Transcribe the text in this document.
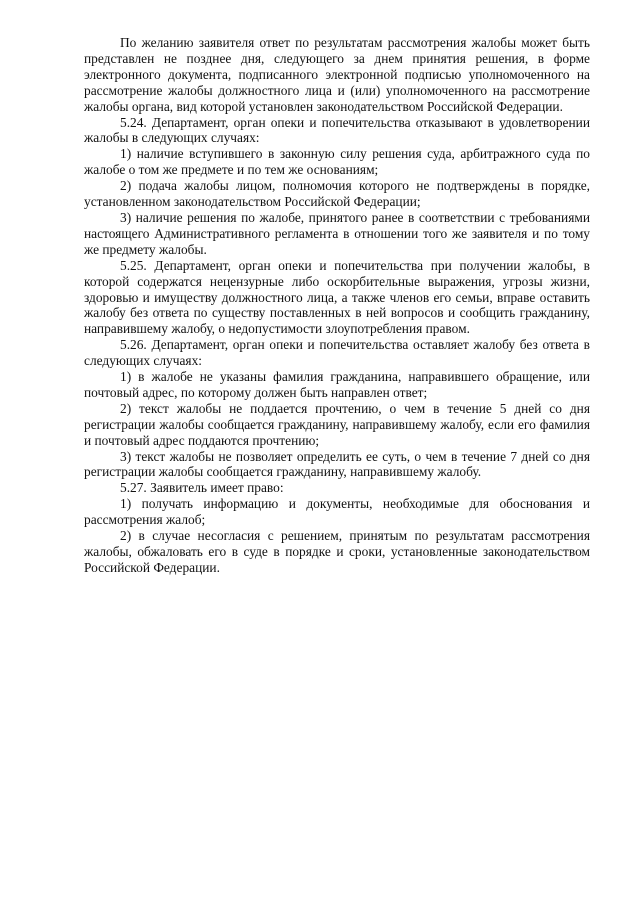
По желанию заявителя ответ по результатам рассмотрения жалобы может быть представлен не позднее дня, следующего за днем принятия решения, в форме электронного документа, подписанного электронной подписью уполномоченного на рассмотрение жалобы должностного лица и (или) уполномоченного на рассмотрение жалобы органа, вид которой установлен законодательством Российской Федерации.

5.24. Департамент, орган опеки и попечительства отказывают в удовлетворении жалобы в следующих случаях:

1) наличие вступившего в законную силу решения суда, арбитражного суда по жалобе о том же предмете и по тем же основаниям;

2) подача жалобы лицом, полномочия которого не подтверждены в порядке, установленном законодательством Российской Федерации;

3) наличие решения по жалобе, принятого ранее в соответствии с требованиями настоящего Административного регламента в отношении того же заявителя и по тому же предмету жалобы.

5.25. Департамент, орган опеки и попечительства при получении жалобы, в которой содержатся нецензурные либо оскорбительные выражения, угрозы жизни, здоровью и имуществу должностного лица, а также членов его семьи, вправе оставить жалобу без ответа по существу поставленных в ней вопросов и сообщить гражданину, направившему жалобу, о недопустимости злоупотребления правом.

5.26. Департамент, орган опеки и попечительства оставляет жалобу без ответа в следующих случаях:

1) в жалобе не указаны фамилия гражданина, направившего обращение, или почтовый адрес, по которому должен быть направлен ответ;

2) текст жалобы не поддается прочтению, о чем в течение 5 дней со дня регистрации жалобы сообщается гражданину, направившему жалобу, если его фамилия и почтовый адрес поддаются прочтению;

3) текст жалобы не позволяет определить ее суть, о чем в течение 7 дней со дня регистрации жалобы сообщается гражданину, направившему жалобу.

5.27. Заявитель имеет право:

1) получать информацию и документы, необходимые для обоснования и рассмотрения жалоб;

2) в случае несогласия с решением, принятым по результатам рассмотрения жалобы, обжаловать его в суде в порядке и сроки, установленные законодательством Российской Федерации.
